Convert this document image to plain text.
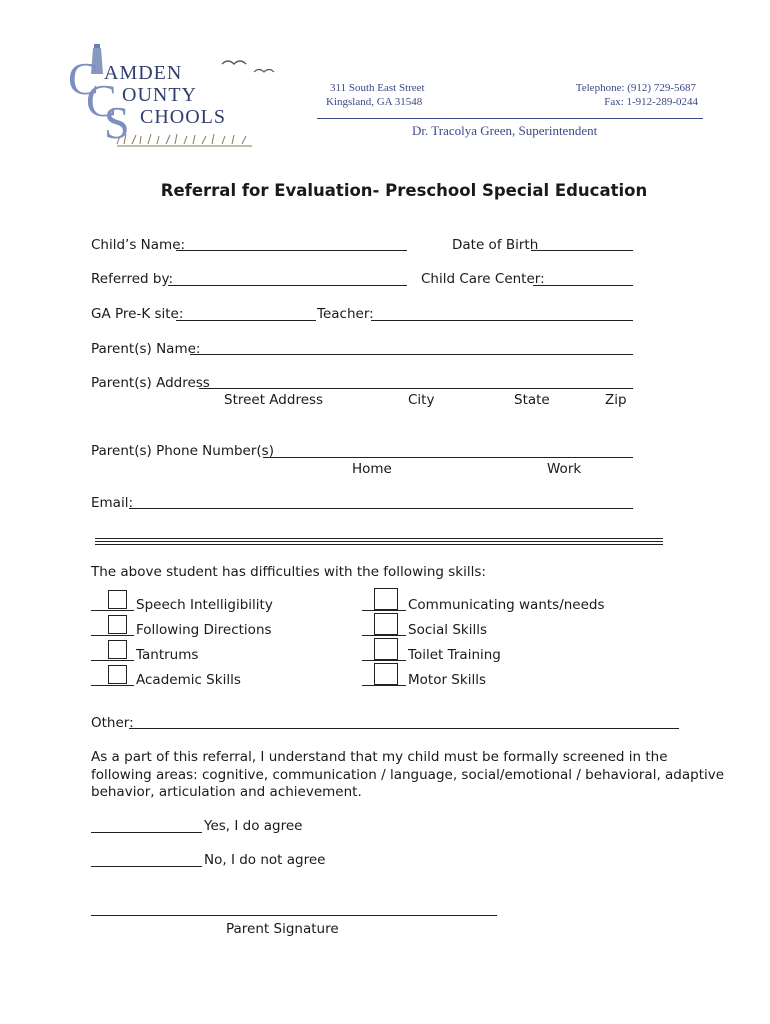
C
C
S
AMDEN
OUNTY
CHOOLS
311 South East Street
Kingsland, GA 31548
Telephone: (912) 729-5687
Fax: 1-912-289-0244
Dr. Tracolya Green, Superintendent
Referral for Evaluation- Preschool Special Education
Child’s Name:	Date of Birth
Referred by:	Child Care Center:
GA Pre-K site:	Teacher:
Parent(s) Name:
Parent(s) Address
Street Address	City	State	Zip
Parent(s) Phone Number(s)
Home	Work
Email:
The above student has difficulties with the following skills:
Speech Intelligibility
Following Directions
Tantrums
Academic Skills
Communicating wants/needs
Social Skills
Toilet Training
Motor Skills
Other:
As a part of this referral, I understand that my child must be formally screened in the following areas: cognitive, communication / language, social/emotional / behavioral, adaptive behavior, articulation and achievement.
Yes, I do agree
No, I do not agree
Parent Signature
